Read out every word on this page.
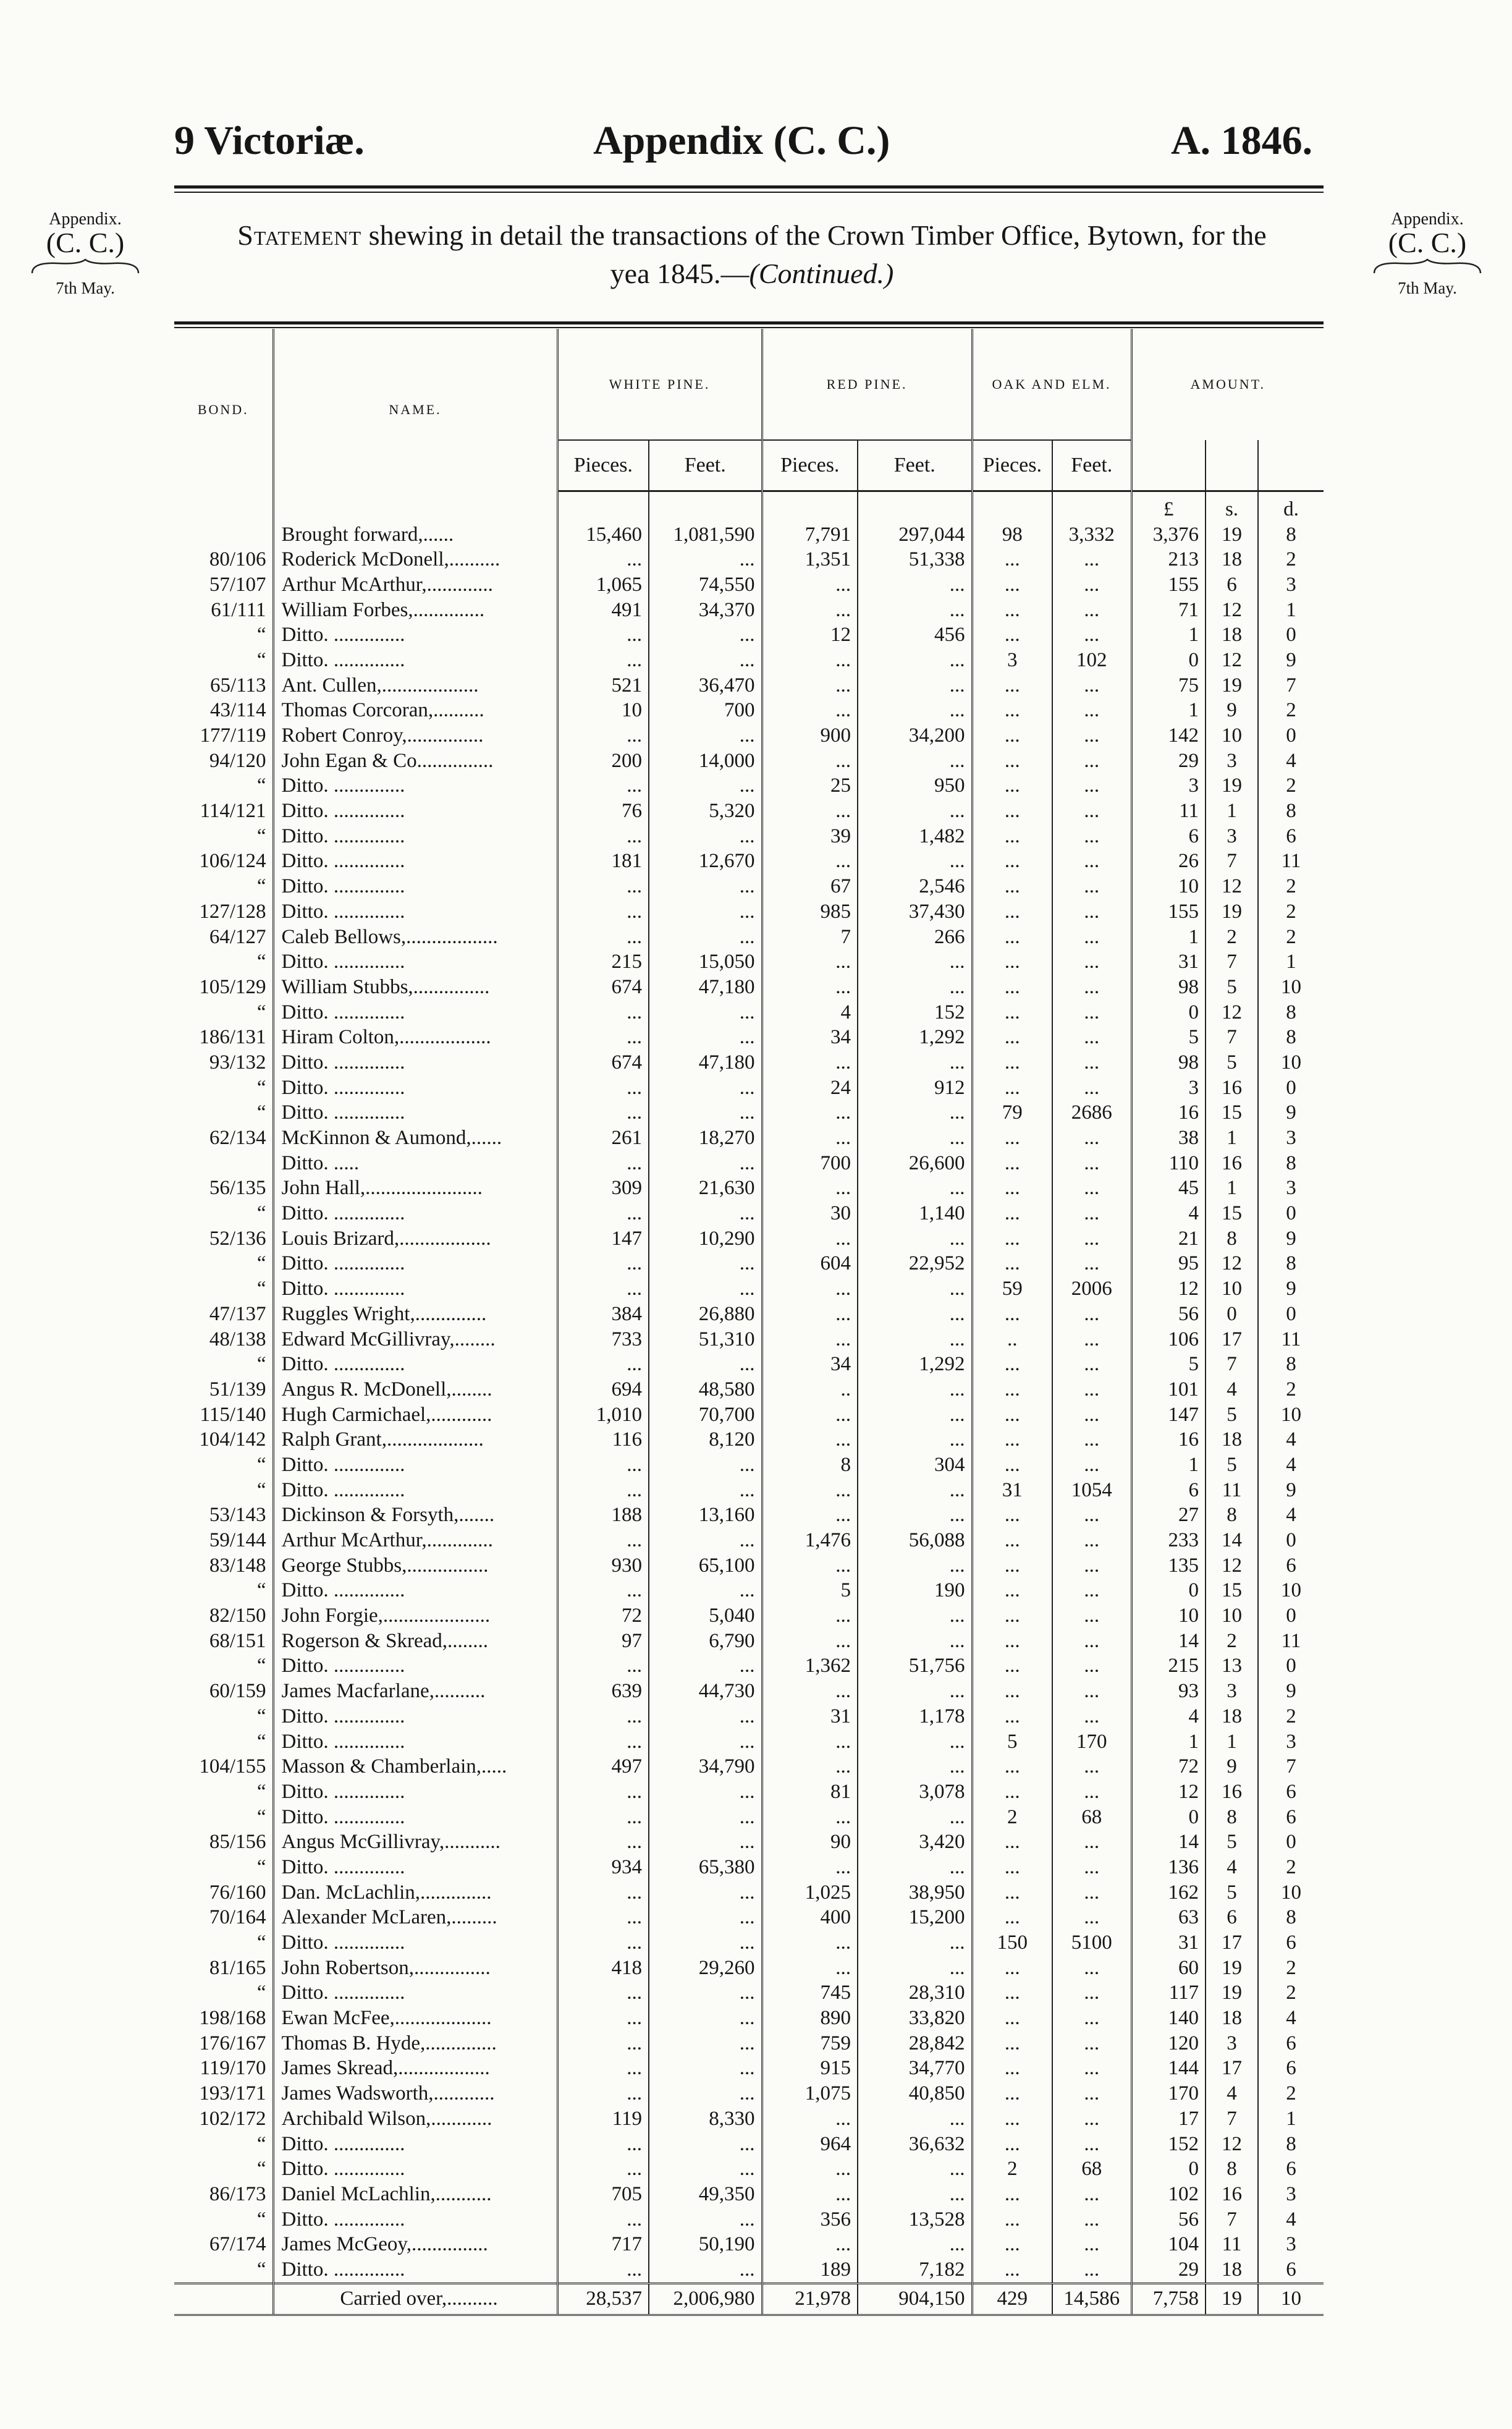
9 Victoriæ.	Appendix (C. C.)	A. 1846.
Appendix.
(C. C.)
7th May.
Appendix.
(C. C.)
7th May.
Statement shewing in detail the transactions of the Crown Timber Office, Bytown, for the
yea 1845.—(Continued.)
BOND.	NAME.	WHITE PINE.		RED PINE.		OAK AND ELM.		AMOUNT.		
		Pieces.	Feet.	Pieces.	Feet.	Pieces.	Feet.			
								£	s.	d.
	Brought forward,......	15,460	1,081,590	7,791	297,044	98	3,332	3,376	19	8
80/106	Roderick McDonell,..........	...	...	1,351	51,338	...	...	213	18	2
57/107	Arthur McArthur,.............	1,065	74,550	...	...	...	...	155	6	3
61/111	William Forbes,..............	491	34,370	...	...	...	...	71	12	1
“	Ditto. ..............	...	...	12	456	...	...	1	18	0
“	Ditto. ..............	...	...	...	...	3	102	0	12	9
65/113	Ant. Cullen,...................	521	36,470	...	...	...	...	75	19	7
43/114	Thomas Corcoran,..........	10	700	...	...	...	...	1	9	2
177/119	Robert Conroy,...............	...	...	900	34,200	...	...	142	10	0
94/120	John Egan & Co...............	200	14,000	...	...	...	...	29	3	4
“	Ditto. ..............	...	...	25	950	...	...	3	19	2
114/121	Ditto. ..............	76	5,320	...	...	...	...	11	1	8
“	Ditto. ..............	...	...	39	1,482	...	...	6	3	6
106/124	Ditto. ..............	181	12,670	...	...	...	...	26	7	11
“	Ditto. ..............	...	...	67	2,546	...	...	10	12	2
127/128	Ditto. ..............	...	...	985	37,430	...	...	155	19	2
64/127	Caleb Bellows,..................	...	...	7	266	...	...	1	2	2
“	Ditto. ..............	215	15,050	...	...	...	...	31	7	1
105/129	William Stubbs,...............	674	47,180	...	...	...	...	98	5	10
“	Ditto. ..............	...	...	4	152	...	...	0	12	8
186/131	Hiram Colton,..................	...	...	34	1,292	...	...	5	7	8
93/132	Ditto. ..............	674	47,180	...	...	...	...	98	5	10
“	Ditto. ..............	...	...	24	912	...	...	3	16	0
“	Ditto. ..............	...	...	...	...	79	2686	16	15	9
62/134	McKinnon & Aumond,......	261	18,270	...	...	...	...	38	1	3
	Ditto. .....	...	...	700	26,600	...	...	110	16	8
56/135	John Hall,.......................	309	21,630	...	...	...	...	45	1	3
“	Ditto. ..............	...	...	30	1,140	...	...	4	15	0
52/136	Louis Brizard,..................	147	10,290	...	...	...	...	21	8	9
“	Ditto. ..............	...	...	604	22,952	...	...	95	12	8
“	Ditto. ..............	...	...	...	...	59	2006	12	10	9
47/137	Ruggles Wright,..............	384	26,880	...	...	...	...	56	0	0
48/138	Edward McGillivray,........	733	51,310	...	...	..	...	106	17	11
“	Ditto. ..............	...	...	34	1,292	...	...	5	7	8
51/139	Angus R. McDonell,........	694	48,580	..	...	...	...	101	4	2
115/140	Hugh Carmichael,............	1,010	70,700	...	...	...	...	147	5	10
104/142	Ralph Grant,...................	116	8,120	...	...	...	...	16	18	4
“	Ditto. ..............	...	...	8	304	...	...	1	5	4
“	Ditto. ..............	...	...	...	...	31	1054	6	11	9
53/143	Dickinson & Forsyth,.......	188	13,160	...	...	...	...	27	8	4
59/144	Arthur McArthur,.............	...	...	1,476	56,088	...	...	233	14	0
83/148	George Stubbs,................	930	65,100	...	...	...	...	135	12	6
“	Ditto. ..............	...	...	5	190	...	...	0	15	10
82/150	John Forgie,.....................	72	5,040	...	...	...	...	10	10	0
68/151	Rogerson & Skread,........	97	6,790	...	...	...	...	14	2	11
“	Ditto. ..............	...	...	1,362	51,756	...	...	215	13	0
60/159	James Macfarlane,..........	639	44,730	...	...	...	...	93	3	9
“	Ditto. ..............	...	...	31	1,178	...	...	4	18	2
“	Ditto. ..............	...	...	...	...	5	170	1	1	3
104/155	Masson & Chamberlain,.....	497	34,790	...	...	...	...	72	9	7
“	Ditto. ..............	...	...	81	3,078	...	...	12	16	6
“	Ditto. ..............	...	...	...	...	2	68	0	8	6
85/156	Angus McGillivray,...........	...	...	90	3,420	...	...	14	5	0
“	Ditto. ..............	934	65,380	...	...	...	...	136	4	2
76/160	Dan. McLachlin,..............	...	...	1,025	38,950	...	...	162	5	10
70/164	Alexander McLaren,.........	...	...	400	15,200	...	...	63	6	8
“	Ditto. ..............	...	...	...	...	150	5100	31	17	6
81/165	John Robertson,...............	418	29,260	...	...	...	...	60	19	2
“	Ditto. ..............	...	...	745	28,310	...	...	117	19	2
198/168	Ewan McFee,...................	...	...	890	33,820	...	...	140	18	4
176/167	Thomas B. Hyde,..............	...	...	759	28,842	...	...	120	3	6
119/170	James Skread,..................	...	...	915	34,770	...	...	144	17	6
193/171	James Wadsworth,............	...	...	1,075	40,850	...	...	170	4	2
102/172	Archibald Wilson,............	119	8,330	...	...	...	...	17	7	1
“	Ditto. ..............	...	...	964	36,632	...	...	152	12	8
“	Ditto. ..............	...	...	...	...	2	68	0	8	6
86/173	Daniel McLachlin,...........	705	49,350	...	...	...	...	102	16	3
“	Ditto. ..............	...	...	356	13,528	...	...	56	7	4
67/174	James McGeoy,...............	717	50,190	...	...	...	...	104	11	3
“	Ditto. ..............	...	...	189	7,182	...	...	29	18	6
	Carried over,..........	28,537	2,006,980	21,978	904,150	429	14,586	7,758	19	10
